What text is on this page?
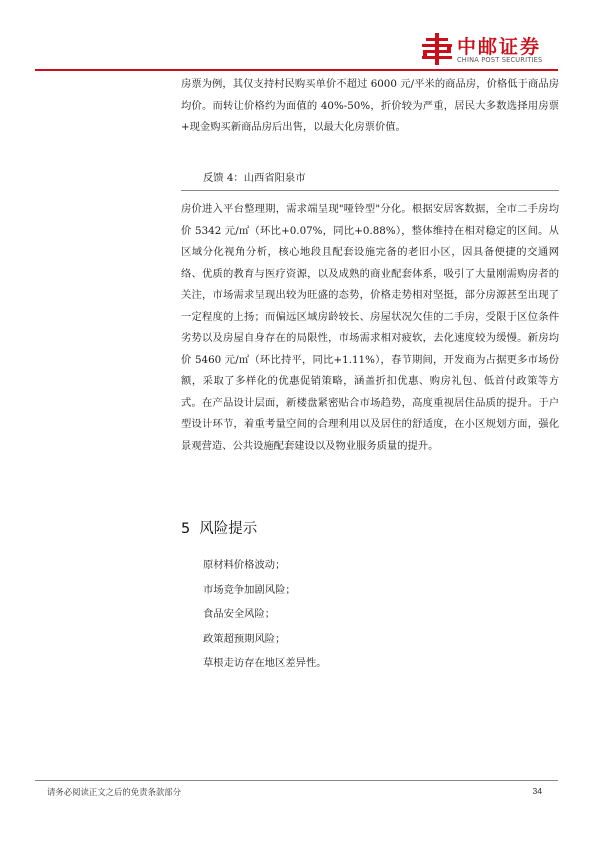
中邮证券
CHINA POST SECURITIES

房票为例，其仅支持村民购买单价不超过 6000 元/平米的商品房，价格低于商品房均价。而转让价格约为面值的 40%-50%，折价较为严重，居民大多数选择用房票+现金购买新商品房后出售，以最大化房票价值。

反馈 4：山西省阳泉市

房价进入平台整理期，需求端呈现"哑铃型"分化。根据安居客数据，全市二手房均价 5342 元/㎡（环比+0.07%，同比+0.88%），整体维持在相对稳定的区间。从区域分化视角分析，核心地段且配套设施完备的老旧小区，因具备便捷的交通网络、优质的教育与医疗资源，以及成熟的商业配套体系，吸引了大量刚需购房者的关注，市场需求呈现出较为旺盛的态势，价格走势相对坚挺，部分房源甚至出现了一定程度的上扬；而偏远区域房龄较长、房屋状况欠佳的二手房，受限于区位条件劣势以及房屋自身存在的局限性，市场需求相对疲软，去化速度较为缓慢。新房均价 5460 元/㎡（环比持平，同比+1.11%），春节期间，开发商为占据更多市场份额，采取了多样化的优惠促销策略，涵盖折扣优惠、购房礼包、低首付政策等方式。在产品设计层面，新楼盘紧密贴合市场趋势，高度重视居住品质的提升。于户型设计环节，着重考量空间的合理利用以及居住的舒适度，在小区规划方面，强化景观营造、公共设施配套建设以及物业服务质量的提升。

5 风险提示
原材料价格波动；
市场竞争加剧风险；
食品安全风险；
政策超预期风险；
草根走访存在地区差异性。
请务必阅读正文之后的免责条款部分	34
